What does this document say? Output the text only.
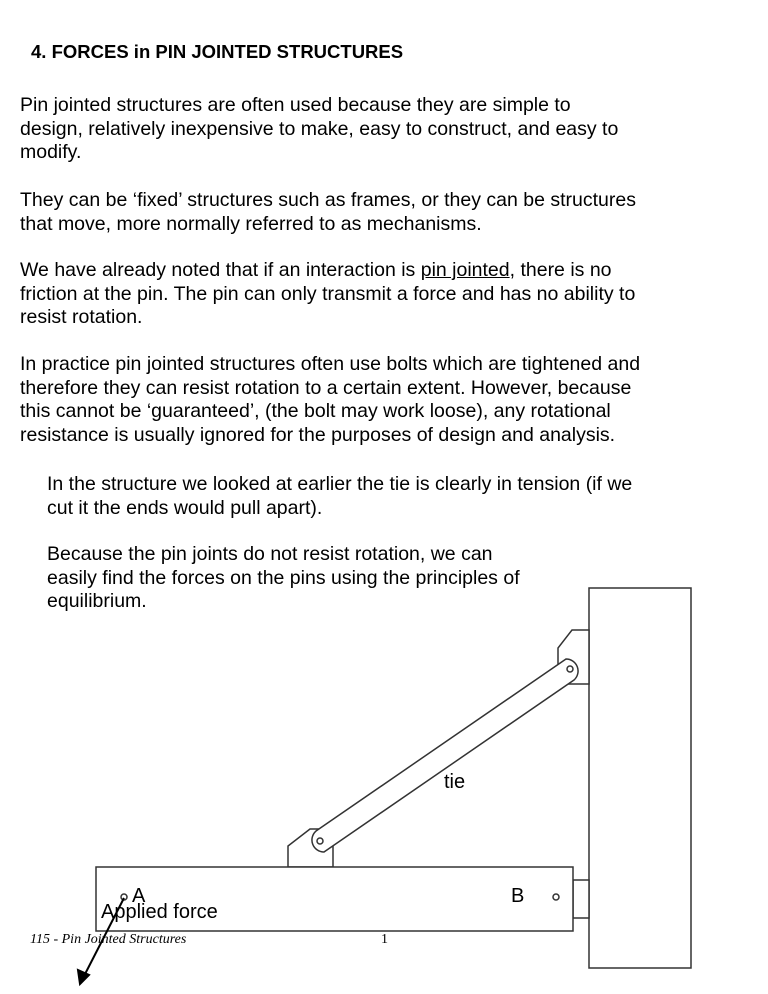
4. FORCES in PIN JOINTED STRUCTURES

Pin jointed structures are often used because they are simple to design, relatively inexpensive to make, easy to construct, and easy to modify.

They can be ‘fixed’ structures such as frames, or they can be structures that move, more normally referred to as mechanisms.

We have already noted that if an interaction is pin jointed, there is no friction at the pin. The pin can only transmit a force and has no ability to resist rotation.

In practice pin jointed structures often use bolts which are tightened and therefore they can resist rotation to a certain extent. However, because this cannot be ‘guaranteed’, (the bolt may work loose), any rotational resistance is usually ignored for the purposes of design and analysis.

In the structure we looked at earlier the tie is clearly in tension (if we cut it the ends would pull apart).

Because the pin joints do not resist rotation, we can easily find the forces on the pins using the principles of equilibrium.

tie
A	B
Applied force
115 - Pin Jointed Structures	1
